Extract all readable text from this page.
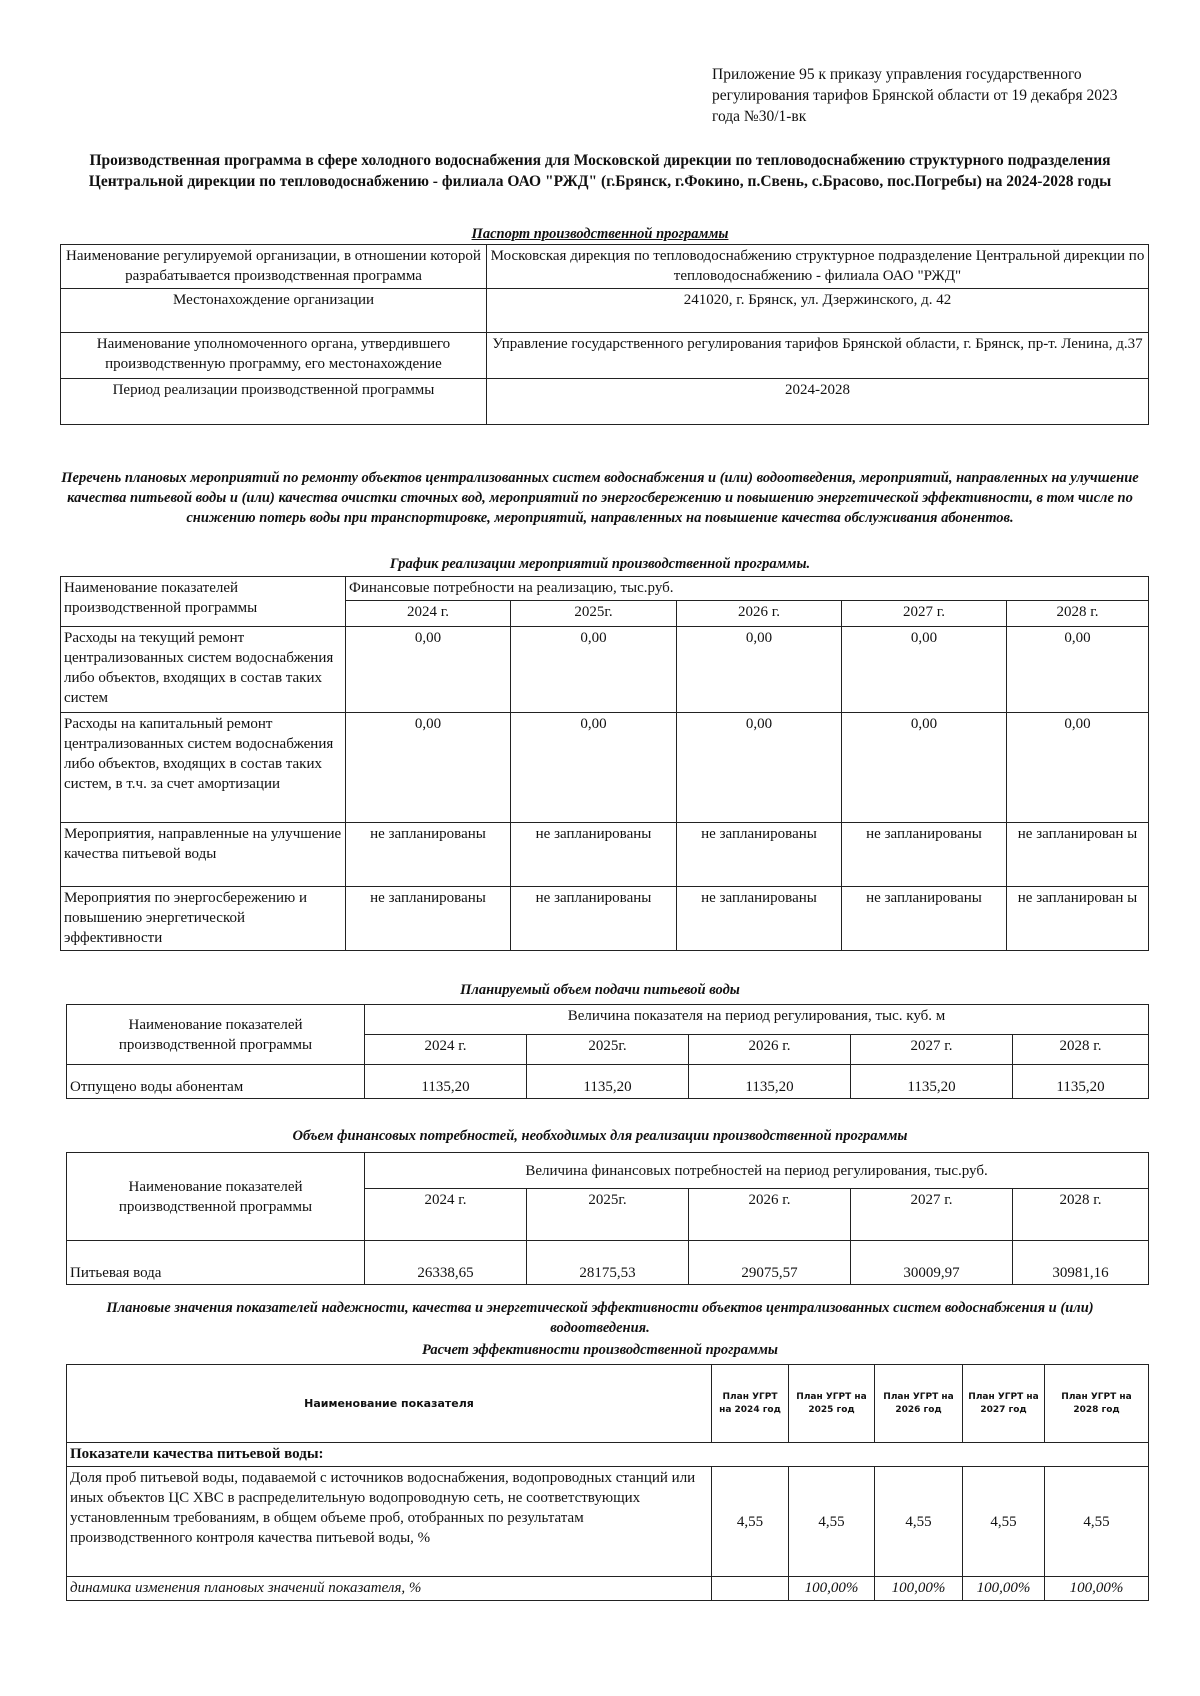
Приложение 95 к приказу управления государственного регулирования тарифов Брянской области от 19 декабря 2023 года №30/1-вк
Производственная программа в сфере холодного водоснабжения для Московской дирекции по тепловодоснабжению структурного подразделения Центральной дирекции по тепловодоснабжению - филиала ОАО "РЖД" (г.Брянск, г.Фокино, п.Свень, с.Брасово, пос.Погребы) на 2024-2028 годы
Паспорт производственной программы
Наименование регулируемой организации, в отношении которой разрабатывается производственная программа	Московская дирекция по тепловодоснабжению структурное подразделение Центральной дирекции по тепловодоснабжению - филиала ОАО "РЖД"
Местонахождение организации	241020, г. Брянск, ул. Дзержинского, д. 42
Наименование уполномоченного органа, утвердившего производственную программу, его местонахождение	Управление государственного регулирования тарифов Брянской области, г. Брянск, пр-т. Ленина, д.37
Период реализации производственной программы	2024-2028
Перечень плановых мероприятий по ремонту объектов централизованных систем водоснабжения и (или) водоотведения, мероприятий, направленных на улучшение качества питьевой воды и (или) качества очистки сточных вод, мероприятий по энергосбережению и повышению энергетической эффективности, в том числе по снижению потерь воды при транспортировке, мероприятий, направленных на повышение качества обслуживания абонентов.
График реализации мероприятий производственной программы.
Наименование показателей производственной программы	Финансовые потребности на реализацию, тыс.руб.				
	2024 г.	2025г.	2026 г.	2027 г.	2028 г.
Расходы на текущий ремонт централизованных систем водоснабжения либо объектов, входящих в состав таких систем	0,00	0,00	0,00	0,00	0,00
Расходы на капитальный ремонт централизованных систем водоснабжения либо объектов, входящих в состав таких систем, в т.ч. за счет амортизации	0,00	0,00	0,00	0,00	0,00
Мероприятия, направленные на улучшение качества питьевой воды	не запланированы	не запланированы	не запланированы	не запланированы	не запланирован ы
Мероприятия по энергосбережению и повышению энергетической эффективности	не запланированы	не запланированы	не запланированы	не запланированы	не запланирован ы
Планируемый объем подачи питьевой воды
Наименование показателей производственной программы	Величина показателя на период регулирования, тыс. куб. м				
	2024 г.	2025г.	2026 г.	2027 г.	2028 г.
Отпущено воды абонентам	1135,20	1135,20	1135,20	1135,20	1135,20
Объем финансовых потребностей, необходимых для реализации производственной программы
Наименование показателей производственной программы	Величина финансовых потребностей на период регулирования, тыс.руб.				
	2024 г.	2025г.	2026 г.	2027 г.	2028 г.
Питьевая вода	26338,65	28175,53	29075,57	30009,97	30981,16
Плановые значения показателей надежности, качества и энергетической эффективности объектов централизованных систем водоснабжения и (или) водоотведения.
Расчет эффективности производственной программы
Наименование показателя	План УГРТ на 2024 год	План УГРТ на 2025 год	План УГРТ на 2026 год	План УГРТ на 2027 год	План УГРТ на 2028 год
Показатели качества питьевой воды:					
Доля проб питьевой воды, подаваемой с источников водоснабжения, водопроводных станций или иных объектов ЦС ХВС в распределительную водопроводную сеть, не соответствующих установленным требованиям, в общем объеме проб, отобранных по результатам производственного контроля качества питьевой воды, %	4,55	4,55	4,55	4,55	4,55
динамика изменения плановых значений показателя, %		100,00%	100,00%	100,00%	100,00%
